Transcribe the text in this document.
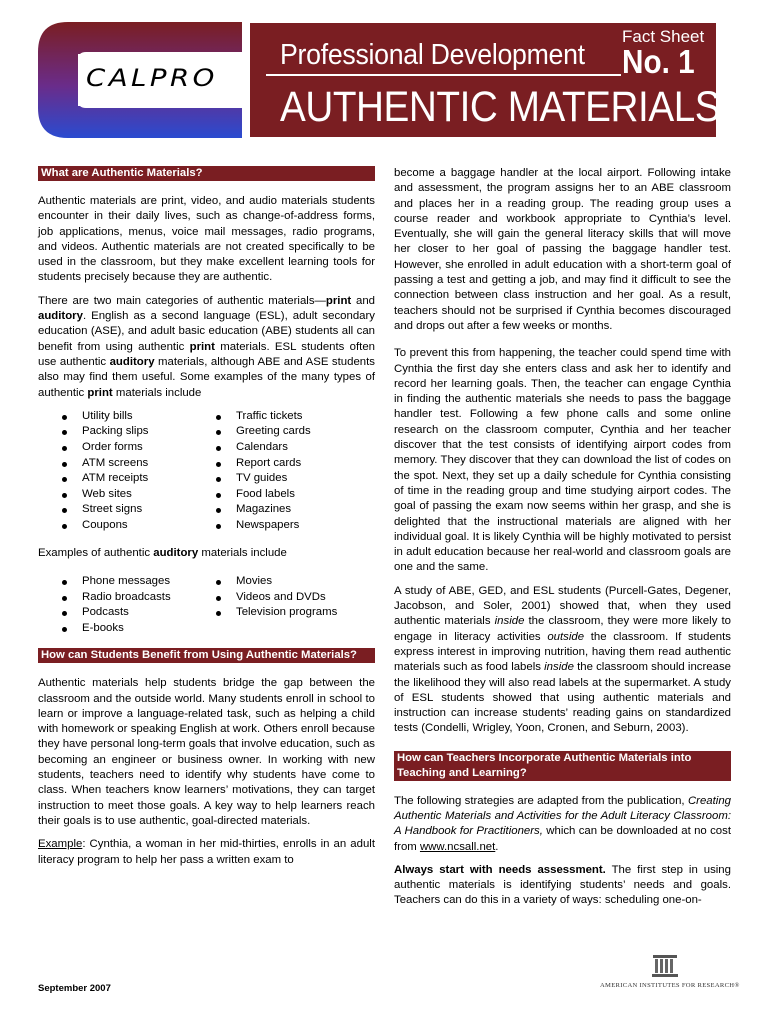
CALPRO
Professional Development
Fact Sheet
No. 1
AUTHENTIC MATERIALS
What are Authentic Materials?

Authentic materials are print, video, and audio materials students encounter in their daily lives, such as change-of-address forms, job applications, menus, voice mail messages, radio programs, and videos. Authentic materials are not created specifically to be used in the classroom, but they make excellent learning tools for students precisely because they are authentic.

There are two main categories of authentic materials—print and auditory. English as a second language (ESL), adult secondary education (ASE), and adult basic education (ABE) students all can benefit from using authentic print materials. ESL students often use authentic auditory materials, although ABE and ASE students also may find them useful. Some examples of the many types of authentic print materials include

Utility bills
Packing slips
Order forms
ATM screens
ATM receipts
Web sites
Street signs
Coupons
Traffic tickets
Greeting cards
Calendars
Report cards
TV guides
Food labels
Magazines
Newspapers

Examples of authentic auditory materials include

Phone messages
Radio broadcasts
Podcasts
E-books
Movies
Videos and DVDs
Television programs
How can Students Benefit from Using Authentic Materials?

Authentic materials help students bridge the gap between the classroom and the outside world. Many students enroll in school to learn or improve a language-related task, such as helping a child with homework or speaking English at work. Others enroll because they have personal long-term goals that involve education, such as becoming an engineer or business owner. In working with new students, teachers need to identify why students have come to class. When teachers know learners’ motivations, they can target instruction to meet those goals. A key way to help learners reach their goals is to use authentic, goal-directed materials.

Example: Cynthia, a woman in her mid-thirties, enrolls in an adult literacy program to help her pass a written exam to

become a baggage handler at the local airport. Following intake and assessment, the program assigns her to an ABE classroom and places her in a reading group. The reading group uses a course reader and workbook appropriate to Cynthia’s level. Eventually, she will gain the general literacy skills that will move her closer to her goal of passing the baggage handler test. However, she enrolled in adult education with a short-term goal of passing a test and getting a job, and may find it difficult to see the connection between class instruction and her goal. As a result, teachers should not be surprised if Cynthia becomes discouraged and drops out after a few weeks or months.

To prevent this from happening, the teacher could spend time with Cynthia the first day she enters class and ask her to identify and record her learning goals. Then, the teacher can engage Cynthia in finding the authentic materials she needs to pass the baggage handler test. Following a few phone calls and some online research on the classroom computer, Cynthia and her teacher discover that the test consists of identifying airport codes from memory. They discover that they can download the list of codes on the spot. Next, they set up a daily schedule for Cynthia consisting of time in the reading group and time studying airport codes. The goal of passing the exam now seems within her grasp, and she is delighted that the instructional materials are aligned with her individual goal. It is likely Cynthia will be highly motivated to persist in adult education because her real-world and classroom goals are one and the same.

A study of ABE, GED, and ESL students (Purcell-Gates, Degener, Jacobson, and Soler, 2001) showed that, when they used authentic materials inside the classroom, they were more likely to engage in literacy activities outside the classroom. If students express interest in improving nutrition, having them read authentic materials such as food labels inside the classroom should increase the likelihood they will also read labels at the supermarket. A study of ESL students showed that using authentic materials and instruction can increase students’ reading gains on standardized tests (Condelli, Wrigley, Yoon, Cronen, and Seburn, 2003).

How can Teachers Incorporate Authentic Materials into Teaching and Learning?

The following strategies are adapted from the publication, Creating Authentic Materials and Activities for the Adult Literacy Classroom: A Handbook for Practitioners, which can be downloaded at no cost from www.ncsall.net.

Always start with needs assessment. The first step in using authentic materials is identifying students’ needs and goals. Teachers can do this in a variety of ways: scheduling one-on-

September 2007	AMERICAN INSTITUTES FOR RESEARCH®
